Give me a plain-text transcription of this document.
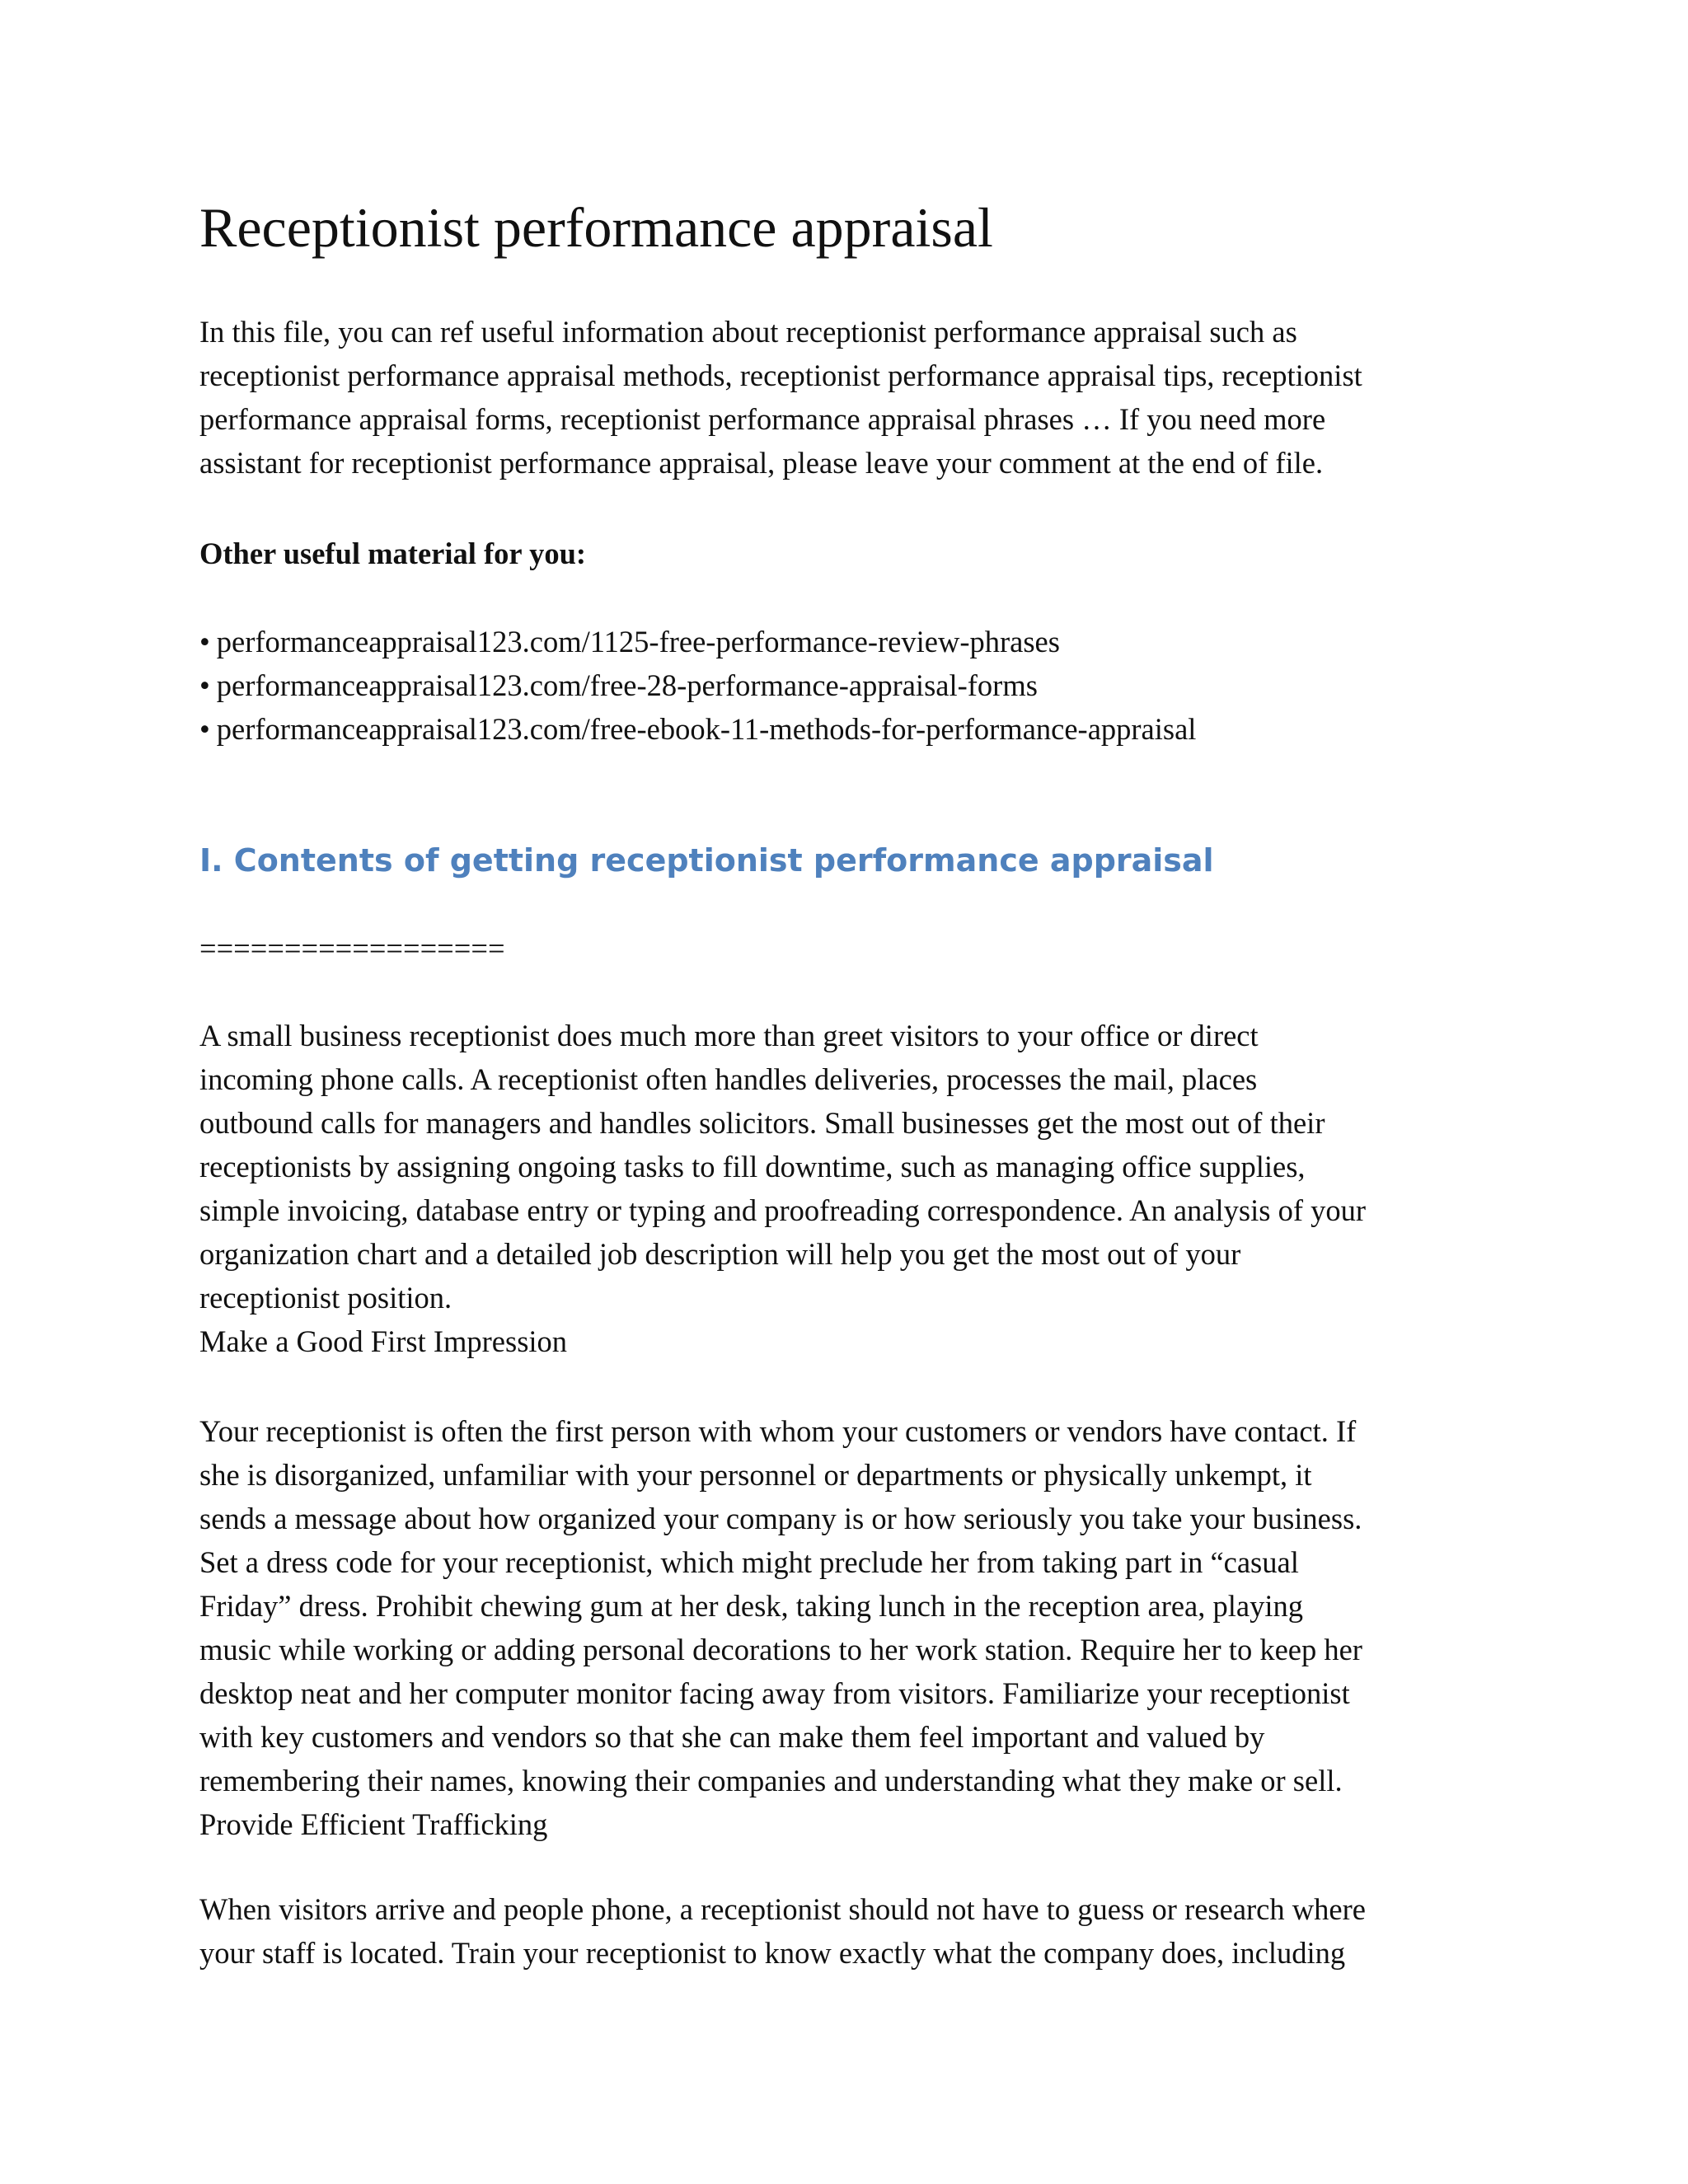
Receptionist performance appraisal
In this file, you can ref useful information about receptionist performance appraisal such as
receptionist performance appraisal methods, receptionist performance appraisal tips, receptionist
performance appraisal forms, receptionist performance appraisal phrases … If you need more
assistant for receptionist performance appraisal, please leave your comment at the end of file.

Other useful material for you:

• performanceappraisal123.com/1125-free-performance-review-phrases
• performanceappraisal123.com/free-28-performance-appraisal-forms
• performanceappraisal123.com/free-ebook-11-methods-for-performance-appraisal
I. Contents of getting receptionist performance appraisal

==================

A small business receptionist does much more than greet visitors to your office or direct
incoming phone calls. A receptionist often handles deliveries, processes the mail, places
outbound calls for managers and handles solicitors. Small businesses get the most out of their
receptionists by assigning ongoing tasks to fill downtime, such as managing office supplies,
simple invoicing, database entry or typing and proofreading correspondence. An analysis of your
organization chart and a detailed job description will help you get the most out of your
receptionist position.
Make a Good First Impression
Your receptionist is often the first person with whom your customers or vendors have contact. If
she is disorganized, unfamiliar with your personnel or departments or physically unkempt, it
sends a message about how organized your company is or how seriously you take your business.
Set a dress code for your receptionist, which might preclude her from taking part in “casual
Friday” dress. Prohibit chewing gum at her desk, taking lunch in the reception area, playing
music while working or adding personal decorations to her work station. Require her to keep her
desktop neat and her computer monitor facing away from visitors. Familiarize your receptionist
with key customers and vendors so that she can make them feel important and valued by
remembering their names, knowing their companies and understanding what they make or sell.
Provide Efficient Trafficking
When visitors arrive and people phone, a receptionist should not have to guess or research where
your staff is located. Train your receptionist to know exactly what the company does, including
